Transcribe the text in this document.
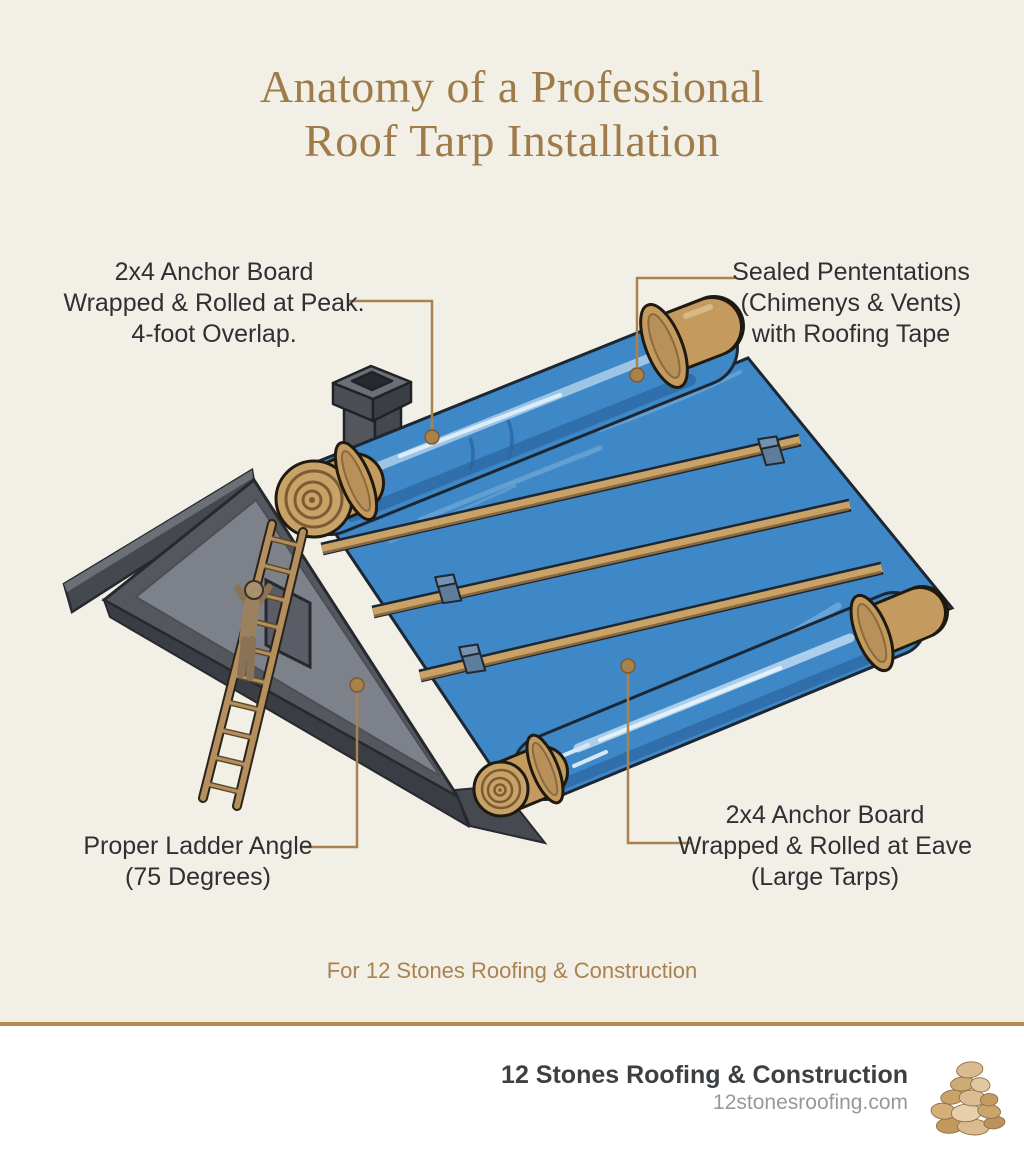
Anatomy of a Professional
Roof Tarp Installation
2x4 Anchor Board
Wrapped & Rolled at Peak.
4-foot Overlap.
Sealed Pententations
(Chimenys & Vents)
with Roofing Tape
Proper Ladder Angle
(75 Degrees)
2x4 Anchor Board
Wrapped & Rolled at Eave
(Large Tarps)
For 12 Stones Roofing & Construction
12 Stones Roofing & Construction
12stonesroofing.com
